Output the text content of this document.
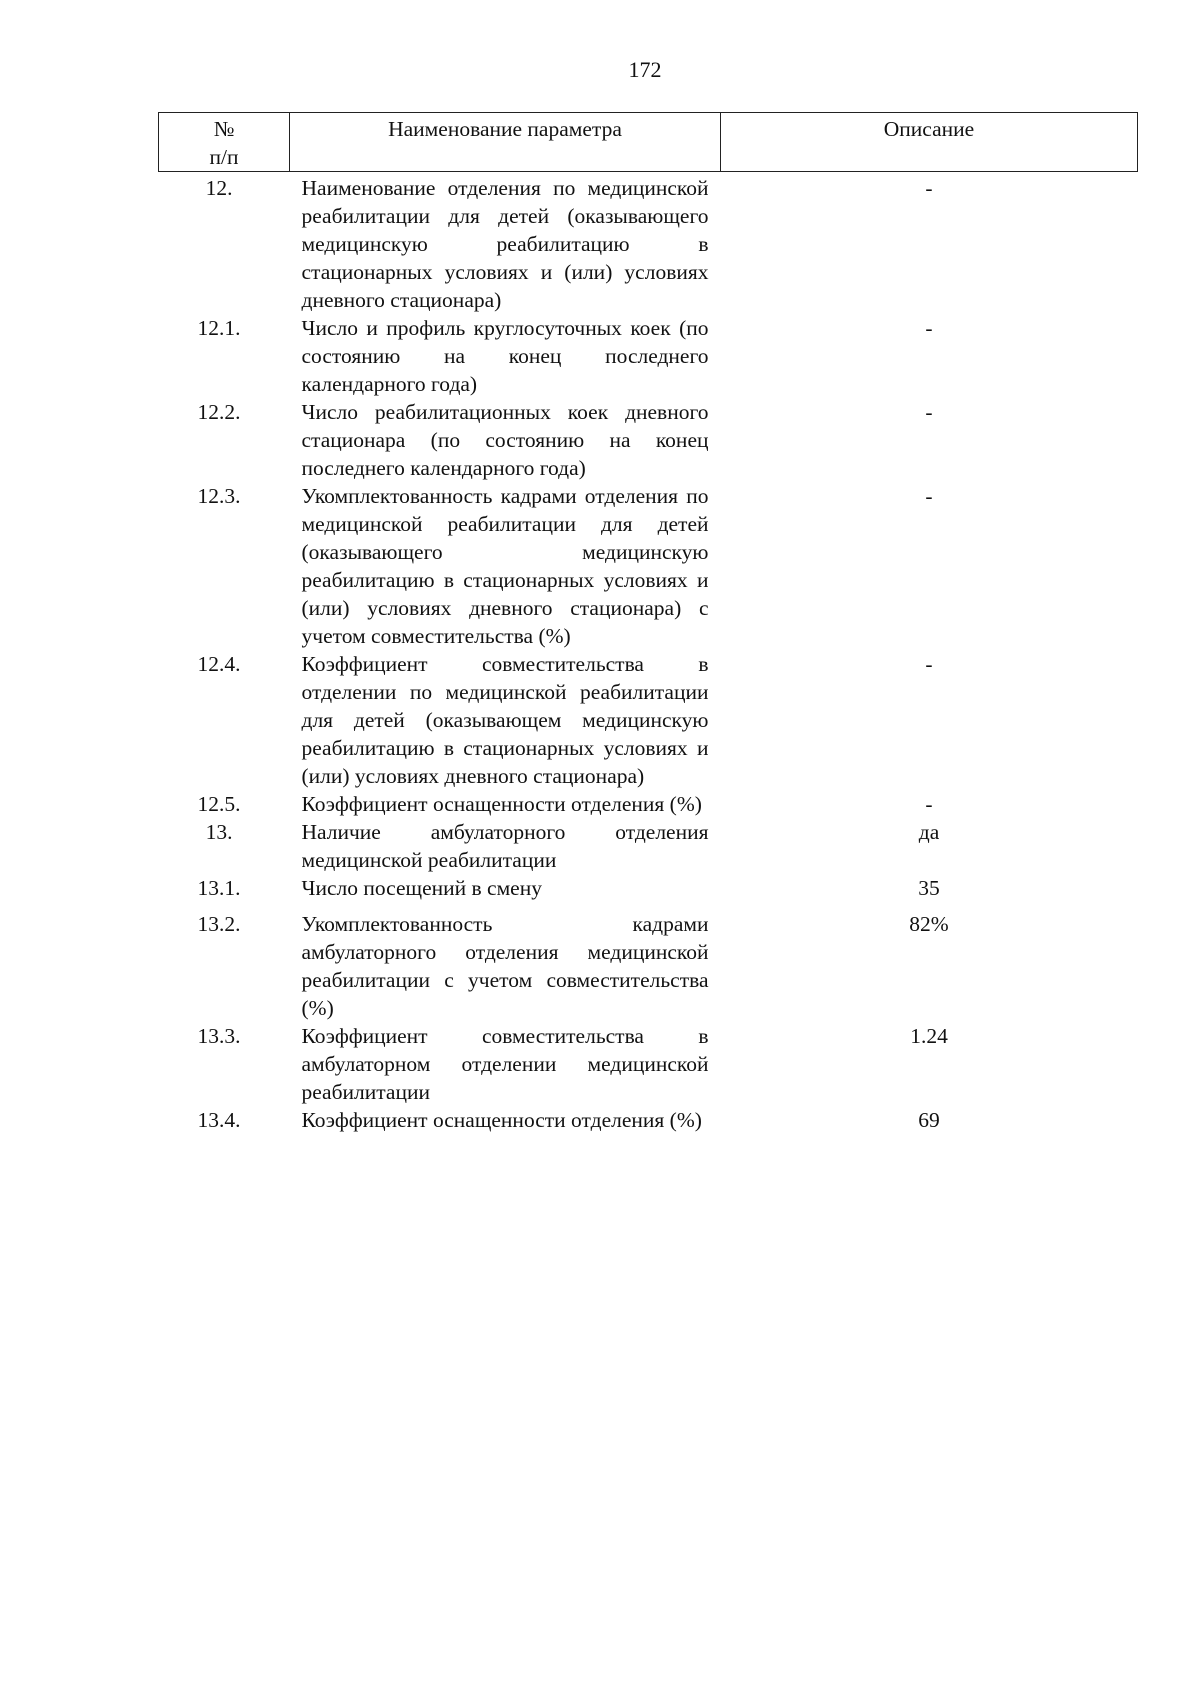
172
№
п/п	Наименование параметра	Описание
12.	Наименование отделения по медицинской реабилитации для детей (оказывающего медицинскую реабилитацию в стационарных условиях и (или) условиях дневного стационара)	-
12.1.	Число и профиль круглосуточных коек (по состоянию на конец последнего календарного года)	-
12.2.	Число реабилитационных коек дневного стационара (по состоянию на конец последнего календарного года)	-
12.3.	Укомплектованность кадрами отделения по медицинской реабилитации для детей (оказывающего медицинскую реабилитацию в стационарных условиях и (или) условиях дневного стационара) с учетом совместительства (%)	-
12.4.	Коэффициент совместительства в отделении по медицинской реабилитации для детей (оказывающем медицинскую реабилитацию в стационарных условиях и (или) условиях дневного стационара)	-
12.5.	Коэффициент оснащенности отделения (%)	-
13.	Наличие амбулаторного отделения медицинской реабилитации	да
13.1.	Число посещений в смену	35
13.2.	Укомплектованность кадрами амбулаторного отделения медицинской реабилитации с учетом совместительства (%)	82%
13.3.	Коэффициент совместительства в амбулаторном отделении медицинской реабилитации	1.24
13.4.	Коэффициент оснащенности отделения (%)	69
